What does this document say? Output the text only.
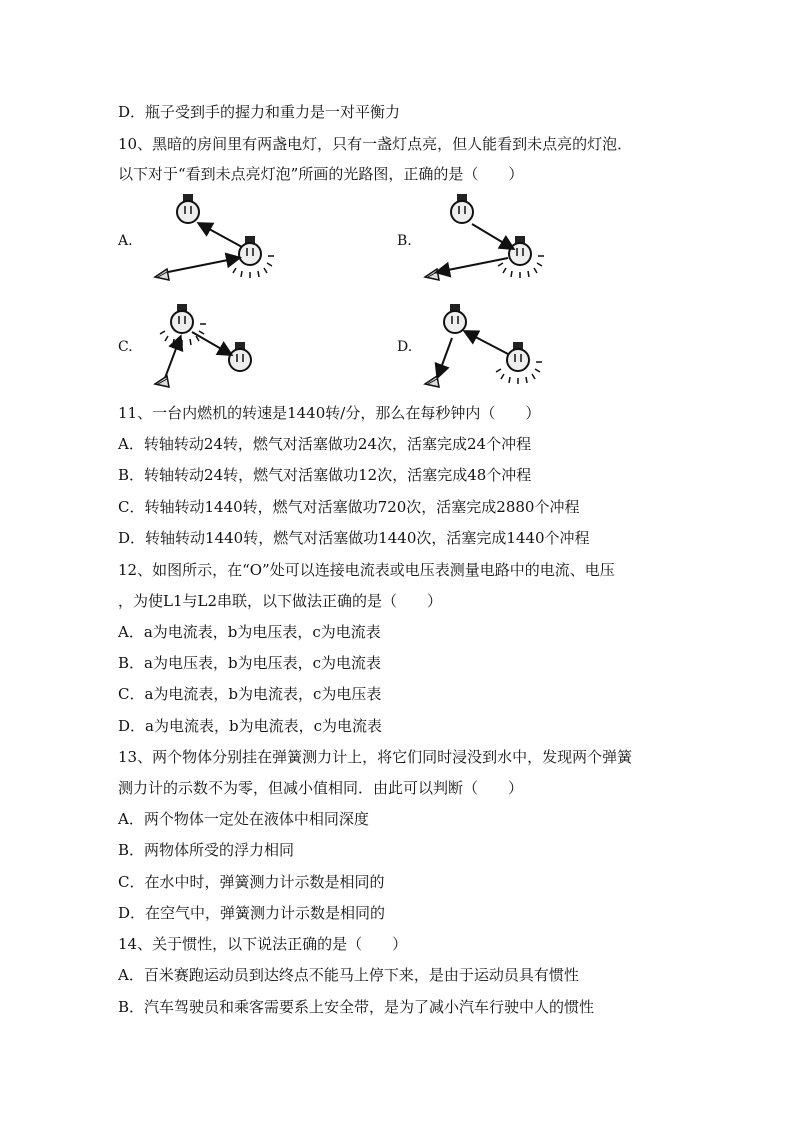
D．瓶子受到手的握力和重力是一对平衡力
10、黑暗的房间里有两盏电灯，只有一盏灯点亮，但人能看到未点亮的灯泡．
以下对于“看到未点亮灯泡”所画的光路图，正确的是（　　）
A.	B.
C.	D.
11、一台内燃机的转速是1440转/分，那么在每秒钟内（　　）
A．转轴转动24转，燃气对活塞做功24次，活塞完成24个冲程
B．转轴转动24转，燃气对活塞做功12次，活塞完成48个冲程
C．转轴转动1440转，燃气对活塞做功720次，活塞完成2880个冲程
D．转轴转动1440转，燃气对活塞做功1440次，活塞完成1440个冲程
12、如图所示，在“O”处可以连接电流表或电压表测量电路中的电流、电压
，为使L1与L2串联，以下做法正确的是（　　）
A．a为电流表，b为电压表，c为电流表
B．a为电压表，b为电压表，c为电流表
C．a为电流表，b为电流表，c为电压表
D．a为电流表，b为电流表，c为电流表
13、两个物体分别挂在弹簧测力计上，将它们同时浸没到水中，发现两个弹簧
测力计的示数不为零，但减小值相同．由此可以判断（　　）
A．两个物体一定处在液体中相同深度
B．两物体所受的浮力相同
C．在水中时，弹簧测力计示数是相同的
D．在空气中，弹簧测力计示数是相同的
14、关于惯性，以下说法正确的是（　　）
A．百米赛跑运动员到达终点不能马上停下来，是由于运动员具有惯性
B．汽车驾驶员和乘客需要系上安全带，是为了减小汽车行驶中人的惯性
